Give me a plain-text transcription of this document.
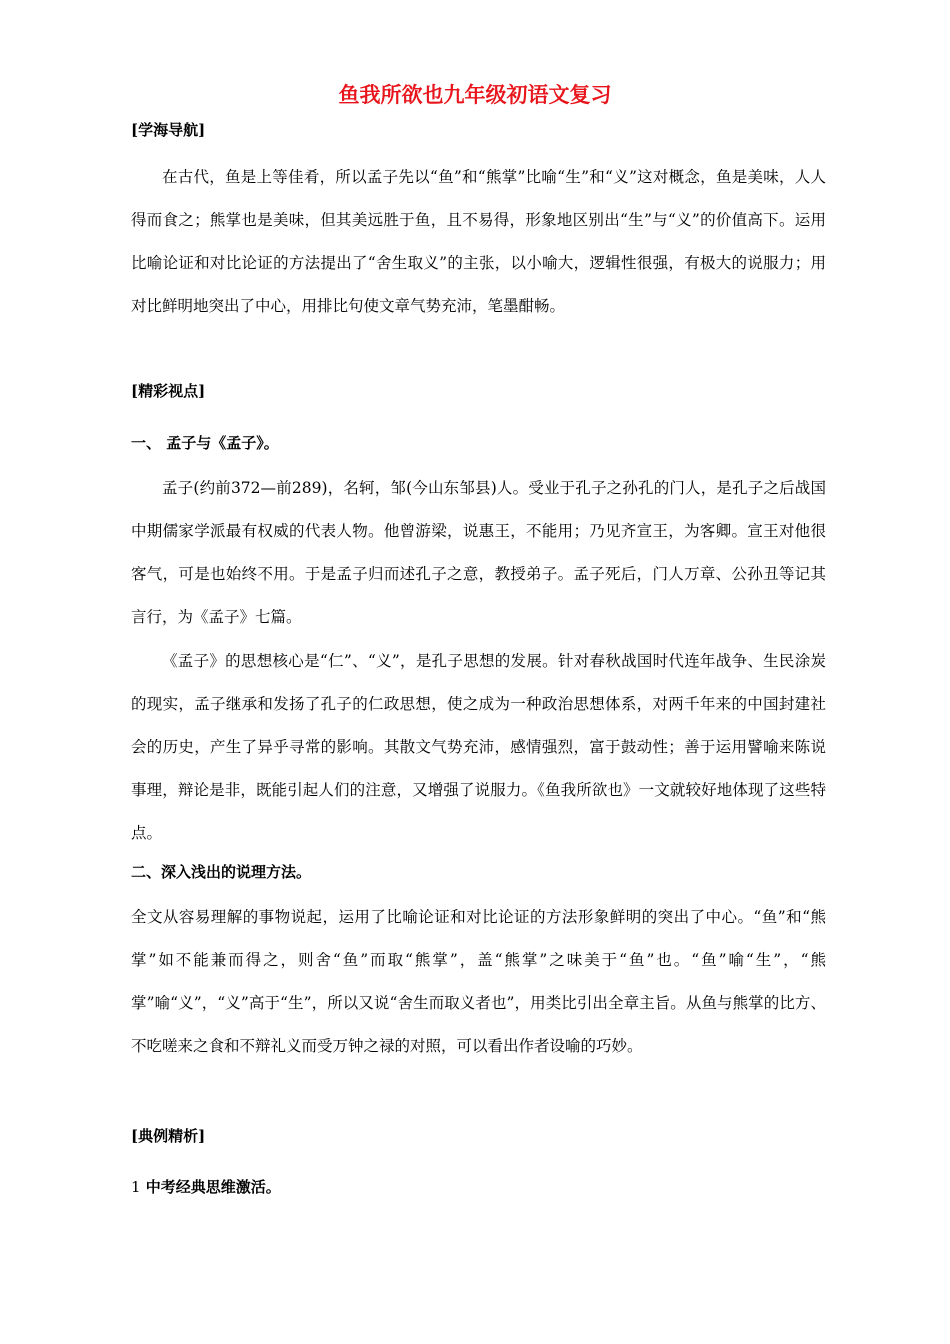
鱼我所欲也九年级初语文复习
[学海导航]
在古代，鱼是上等佳肴，所以孟子先以“鱼”和“熊掌”比喻“生”和“义”这对概念，鱼是美味，人人得而食之；熊掌也是美味，但其美远胜于鱼，且不易得，形象地区别出“生”与“义”的价值高下。运用比喻论证和对比论证的方法提出了“舍生取义”的主张，以小喻大，逻辑性很强，有极大的说服力；用对比鲜明地突出了中心，用排比句使文章气势充沛，笔墨酣畅。
[精彩视点]
一、 孟子与《孟子》。
孟子(约前372—前289)，名轲，邹(今山东邹县)人。受业于孔子之孙孔的门人，是孔子之后战国中期儒家学派最有权威的代表人物。他曾游梁，说惠王，不能用；乃见齐宣王，为客卿。宣王对他很客气，可是也始终不用。于是孟子归而述孔子之意，教授弟子。孟子死后，门人万章、公孙丑等记其言行，为《孟子》七篇。
《孟子》的思想核心是“仁”、“义”，是孔子思想的发展。针对春秋战国时代连年战争、生民涂炭的现实，孟子继承和发扬了孔子的仁政思想，使之成为一种政治思想体系，对两千年来的中国封建社会的历史，产生了异乎寻常的影响。其散文气势充沛，感情强烈，富于鼓动性；善于运用譬喻来陈说事理，辩论是非，既能引起人们的注意，又增强了说服力。《鱼我所欲也》一文就较好地体现了这些特点。
二、深入浅出的说理方法。
全文从容易理解的事物说起，运用了比喻论证和对比论证的方法形象鲜明的突出了中心。“鱼”和“熊掌”如不能兼而得之，则舍“鱼”而取“熊掌”，盖“熊掌”之味美于“鱼”也。“鱼”喻“生”，“熊掌”喻“义”，“义”高于“生”，所以又说“舍生而取义者也”，用类比引出全章主旨。从鱼与熊掌的比方、不吃嗟来之食和不辩礼义而受万钟之禄的对照，可以看出作者设喻的巧妙。
[典例精析]
1 中考经典思维激活。
